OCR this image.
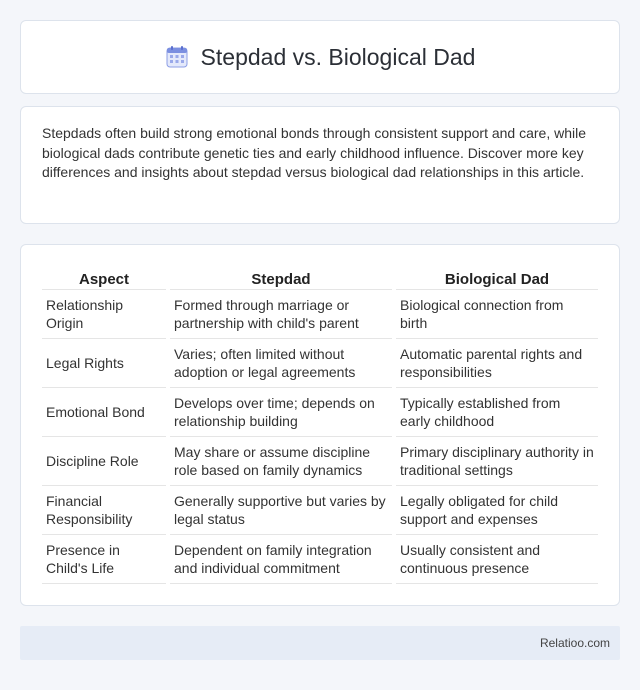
Stepdad vs. Biological Dad

Stepdads often build strong emotional bonds through consistent support and care, while biological dads contribute genetic ties and early childhood influence. Discover more key differences and insights about stepdad versus biological dad relationships in this article.

Aspect	Stepdad	Biological Dad
Relationship Origin	Formed through marriage or partnership with child's parent	Biological connection from birth
Legal Rights	Varies; often limited without adoption or legal agreements	Automatic parental rights and responsibilities
Emotional Bond	Develops over time; depends on relationship building	Typically established from early childhood
Discipline Role	May share or assume discipline role based on family dynamics	Primary disciplinary authority in traditional settings
Financial Responsibility	Generally supportive but varies by legal status	Legally obligated for child support and expenses
Presence in Child's Life	Dependent on family integration and individual commitment	Usually consistent and continuous presence
Relatioo.com
